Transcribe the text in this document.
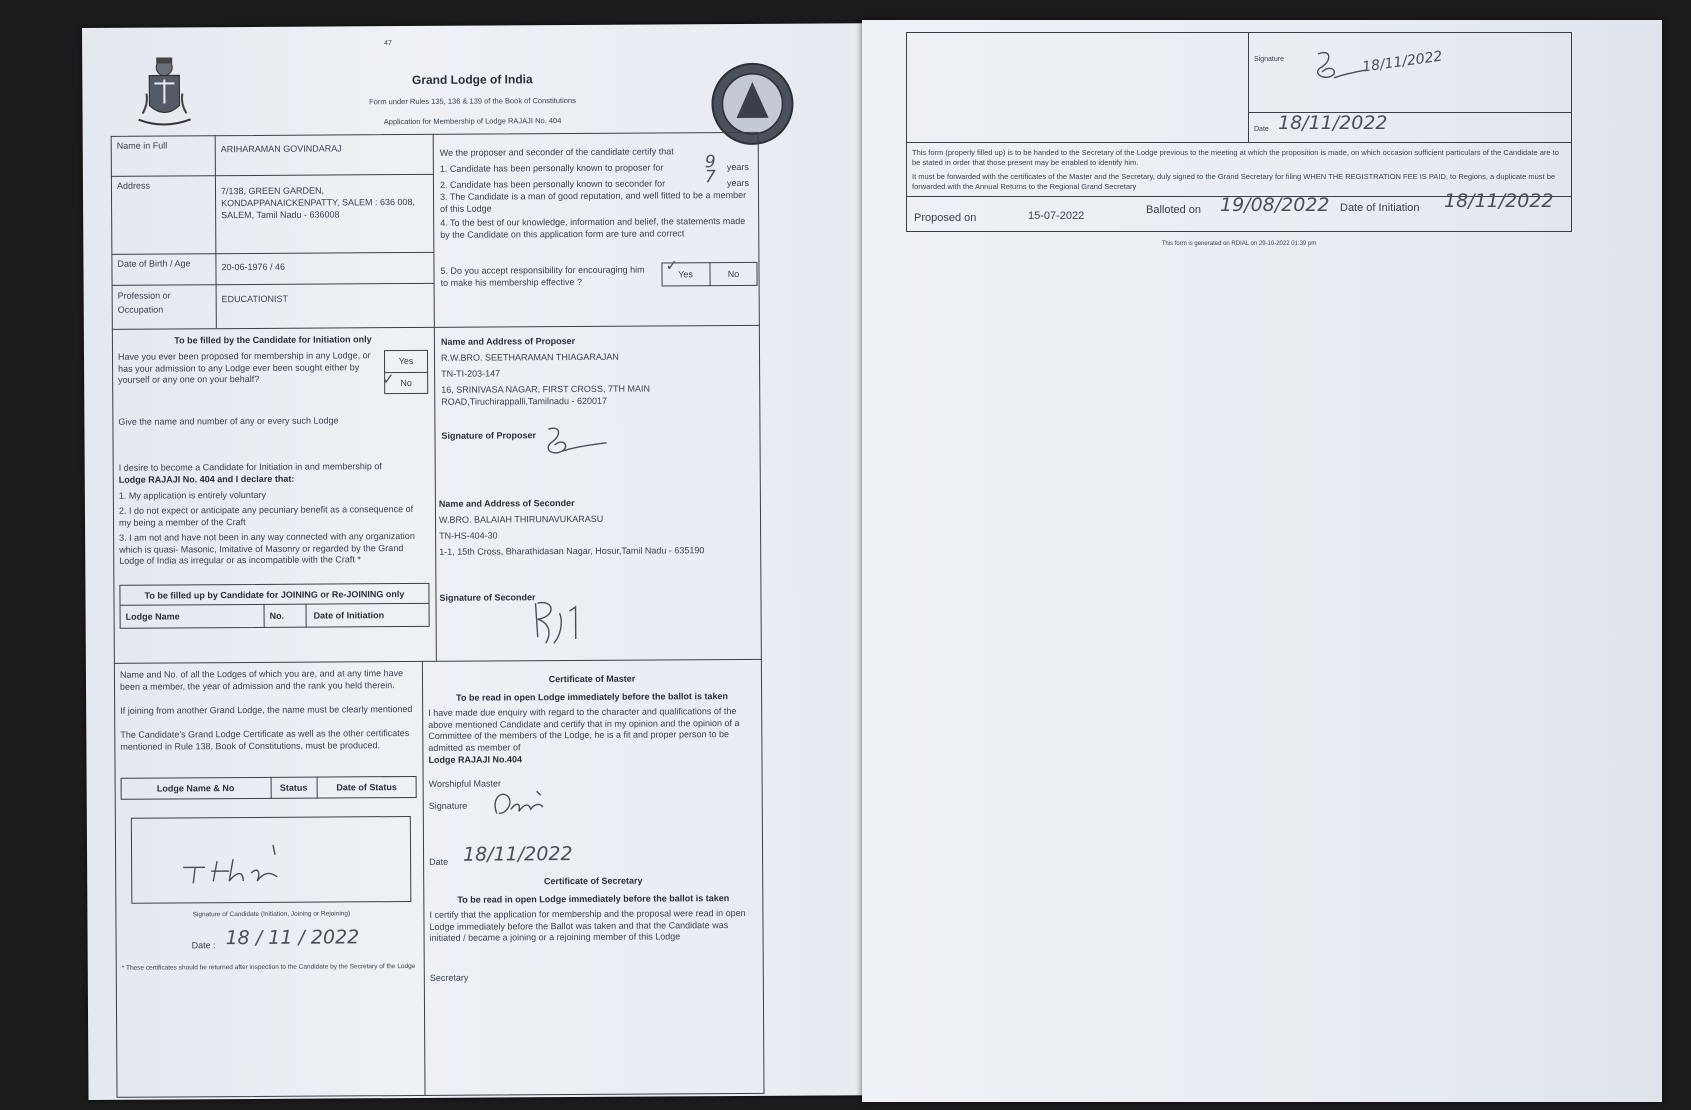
47
Grand Lodge of India
Form under Rules 135, 136 & 139 of the Book of Constitutions
Application for Membership of Lodge RAJAJI No. 404
Name in Full	ARIHARAMAN GOVINDARAJ
Address	7/138, GREEN GARDEN,
KONDAPPANAICKENPATTY, SALEM : 636 008,
SALEM, Tamil Nadu - 636008
Date of Birth / Age	20-06-1976 / 46
Profession or
Occupation
EDUCATIONIST
We the proposer and seconder of the candidate certify that
1. Candidate has been personally known to proposer for 9 years
2. Candidate has been personally known to seconder for 7 years
3. The Candidate is a man of good reputation, and well fitted to be a member of this Lodge
4. To the best of our knowledge, information and belief, the statements made by the Candidate on this application form are ture and correct
5. Do you accept responsibility for encouraging him to make his membership effective ?
Yes
✓	No
To be filled by the Candidate for Initiation only
Have you ever been proposed for membership in any Lodge, or has your admission to any Lodge ever been sought either by yourself or any one on your behalf?
Yes
No
✓
Give the name and number of any or every such Lodge
I desire to become a Candidate for Initiation in and membership of
Lodge RAJAJI No. 404 and I declare that:
1. My application is entirely voluntary
2. I do not expect or anticipate any pecuniary benefit as a consequence of my being a member of the Craft
3. I am not and have not been in any way connected with any organization which is quasi- Masonic, Imitative of Masonry or regarded by the Grand Lodge of India as irregular or as incompatible with the Craft *
To be filled up by Candidate for JOINING or Re-JOINING only
Lodge Name	No.	Date of Initiation
Name and Address of Proposer
R.W.BRO. SEETHARAMAN THIAGARAJAN
TN-TI-203-147
16, SRINIVASA NAGAR, FIRST CROSS, 7TH MAIN
ROAD,Tiruchirappalli,Tamilnadu - 620017
Signature of Proposer
Name and Address of Seconder
W.BRO. BALAIAH THIRUNAVUKARASU
TN-HS-404-30
1-1, 15th Cross, Bharathidasan Nagar, Hosur,Tamil Nadu - 635190
Signature of Seconder
Name and No. of all the Lodges of which you are, and at any time have been a member, the year of admission and the rank you held therein.
If joining from another Grand Lodge, the name must be clearly mentioned
The Candidate's Grand Lodge Certificate as well as the other certificates mentioned in Rule 138, Book of Constitutions, must be produced.
Lodge Name & No	Status	Date of Status
Signature of Candidate (Initiation, Joining or Rejoining)
Date : 18 / 11 / 2022
* These certificates should be returned after inspection to the Candidate by the Secretary of the Lodge
Certificate of Master
To be read in open Lodge immediately before the ballot is taken
I have made due enquiry with regard to the character and qualifications of the above mentioned Candidate and certify that in my opinion and the opinion of a Committee of the members of the Lodge, he is a fit and proper person to be admitted as member of
Lodge RAJAJI No.404
Worshipful Master
Signature
Date 18/11/2022
Certificate of Secretary
To be read in open Lodge immediately before the ballot is taken
I certify that the application for membership and the proposal were read in open Lodge immediately before the Ballot was taken and that the Candidate was initiated / became a joining or a rejoining member of this Lodge
Secretary
Signature	18/11/2022
Date 18/11/2022
This form (properly filled up) is to be handed to the Secretary of the Lodge previous to the meeting at which the proposition is made, on which occasion sufficient particulars of the Candidate are to be stated in order that those present may be enabled to identify him.
It must be forwarded with the certificates of the Master and the Secretary, duly signed to the Grand Secretary for filing WHEN THE REGISTRATION FEE IS PAID, to Regions, a duplicate must be forwarded with the Annual Returns to the Regional Grand Secretary
Proposed on	15-07-2022	Balloted on 19/08/2022 Date of Initiation 18/11/2022
This form is generated on RDIAL on 29-10-2022 01:39 pm
